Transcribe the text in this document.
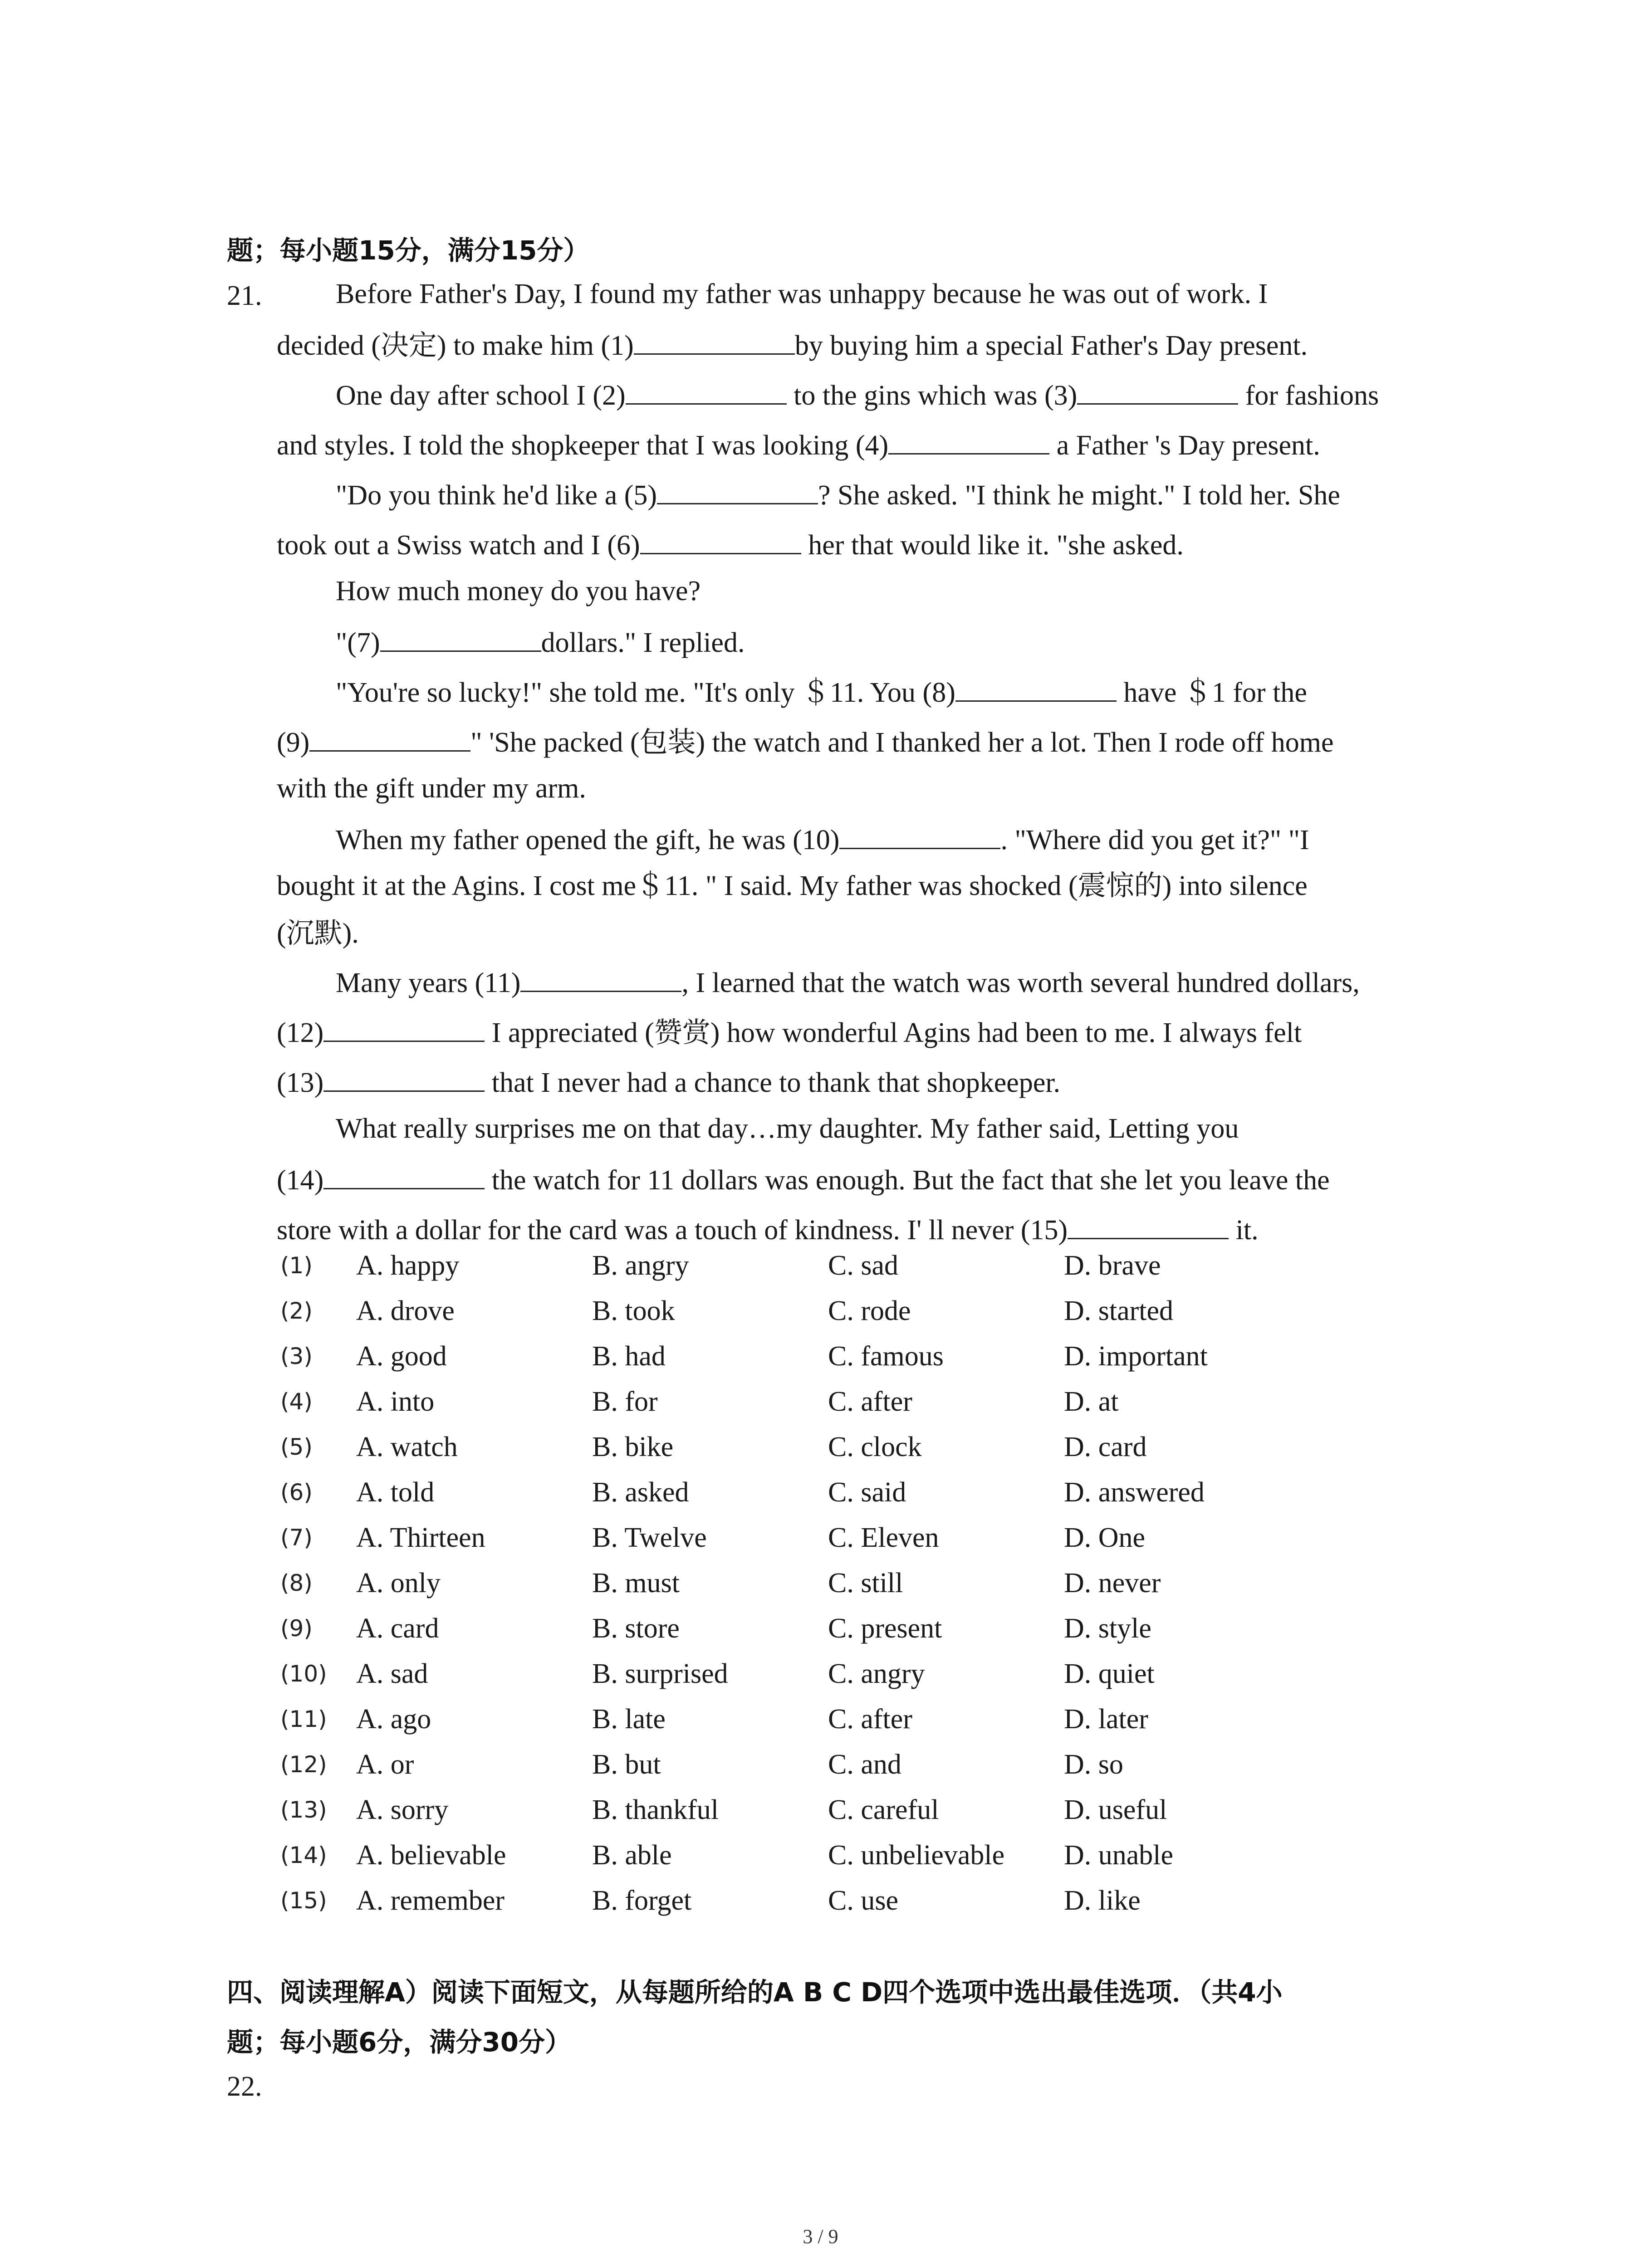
题；每小题15分，满分15分）
21.	Before Father's Day, I found my father was unhappy because he was out of work. I
decided (决定) to make him (1)	by buying him a special Father's Day present.
One day after school I (2)	to the gins which was (3)	for fashions
and styles. I told the shopkeeper that I was looking (4)	a Father 's Day present.
"Do you think he'd like a (5)	? She asked. "I think he might." I told her. She
took out a Swiss watch and I (6)	her that would like it. "she asked.
How much money do you have?
"(7)	dollars." I replied.
"You're so lucky!" she told me. "It's only ＄11. You (8)	have ＄1 for the
(9)	" 'She packed (包装) the watch and I thanked her a lot. Then I rode off home
with the gift under my arm.
When my father opened the gift, he was (10)	. "Where did you get it?" "I
bought it at the Agins. I cost me＄11. " I said. My father was shocked (震惊的) into silence
(沉默).
Many years (11)	, I learned that the watch was worth several hundred dollars,
(12)	I appreciated (赞赏) how wonderful Agins had been to me. I always felt
(13)	that I never had a chance to thank that shopkeeper.
What really surprises me on that day…my daughter. My father said, Letting you
(14)	the watch for 11 dollars was enough. But the fact that she let you leave the
store with a dollar for the card was a touch of kindness. I' ll never (15)	it.
(1) A. happy	B. angry	C. sad	D. brave
(2) A. drove	B. took	C. rode	D. started
(3) A. good	B. had	C. famous	D. important
(4) A. into	B. for	C. after	D. at
(5) A. watch	B. bike	C. clock	D. card
(6) A. told	B. asked	C. said	D. answered
(7) A. Thirteen	B. Twelve	C. Eleven	D. One
(8) A. only	B. must	C. still	D. never
(9) A. card	B. store	C. present	D. style
(10) A. sad	B. surprised	C. angry	D. quiet
(11) A. ago	B. late	C. after	D. later
(12) A. or	B. but	C. and	D. so
(13) A. sorry	B. thankful	C. careful	D. useful
(14) A. believable	B. able	C. unbelievable D. unable
(15) A. remember	B. forget	C. use	D. like
四、阅读理解A）阅读下面短文，从每题所给的A B C D四个选项中选出最佳选项．（共4小
题；每小题6分，满分30分）
22.
3 / 9
